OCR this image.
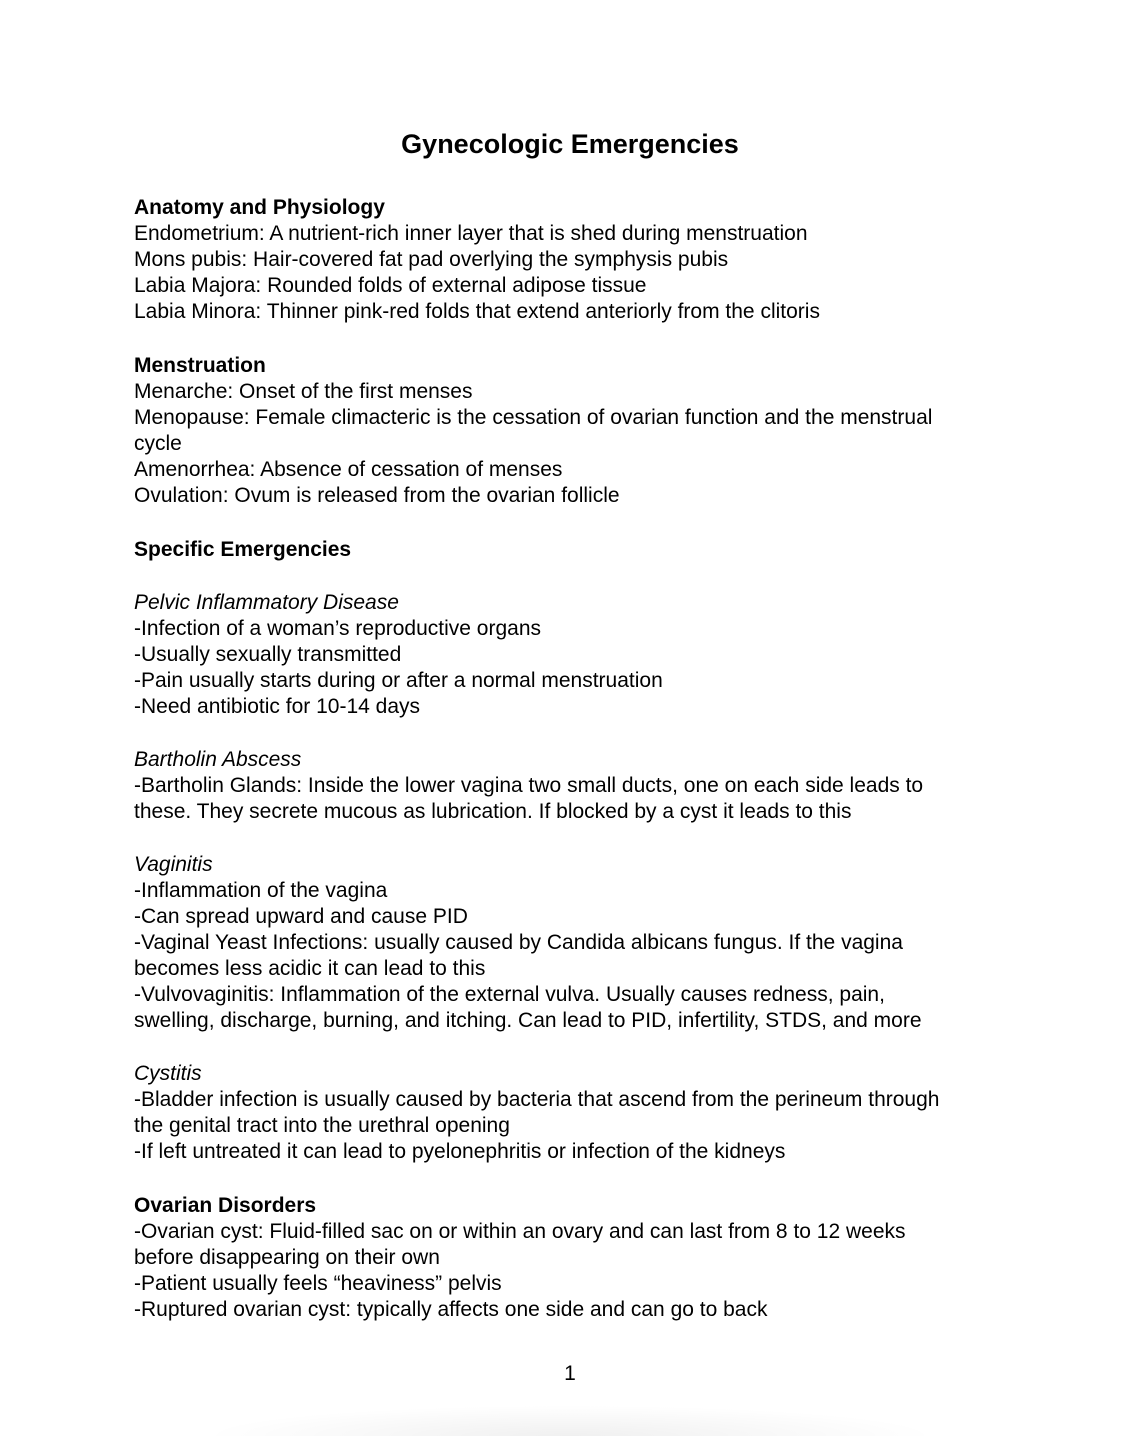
Gynecologic Emergencies
Anatomy and Physiology
Endometrium: A nutrient-rich inner layer that is shed during menstruation
Mons pubis: Hair-covered fat pad overlying the symphysis pubis
Labia Majora: Rounded folds of external adipose tissue
Labia Minora: Thinner pink-red folds that extend anteriorly from the clitoris
Menstruation
Menarche: Onset of the first menses
Menopause: Female climacteric is the cessation of ovarian function and the menstrual
cycle
Amenorrhea: Absence of cessation of menses
Ovulation: Ovum is released from the ovarian follicle
Specific Emergencies
Pelvic Inflammatory Disease
-Infection of a woman’s reproductive organs
-Usually sexually transmitted
-Pain usually starts during or after a normal menstruation
-Need antibiotic for 10-14 days
Bartholin Abscess
-Bartholin Glands: Inside the lower vagina two small ducts, one on each side leads to
these. They secrete mucous as lubrication. If blocked by a cyst it leads to this
Vaginitis
-Inflammation of the vagina
-Can spread upward and cause PID
-Vaginal Yeast Infections: usually caused by Candida albicans fungus. If the vagina
becomes less acidic it can lead to this
-Vulvovaginitis: Inflammation of the external vulva. Usually causes redness, pain,
swelling, discharge, burning, and itching. Can lead to PID, infertility, STDS, and more
Cystitis
-Bladder infection is usually caused by bacteria that ascend from the perineum through
the genital tract into the urethral opening
-If left untreated it can lead to pyelonephritis or infection of the kidneys
Ovarian Disorders
-Ovarian cyst: Fluid-filled sac on or within an ovary and can last from 8 to 12 weeks
before disappearing on their own
-Patient usually feels “heaviness” pelvis
-Ruptured ovarian cyst: typically affects one side and can go to back
1
